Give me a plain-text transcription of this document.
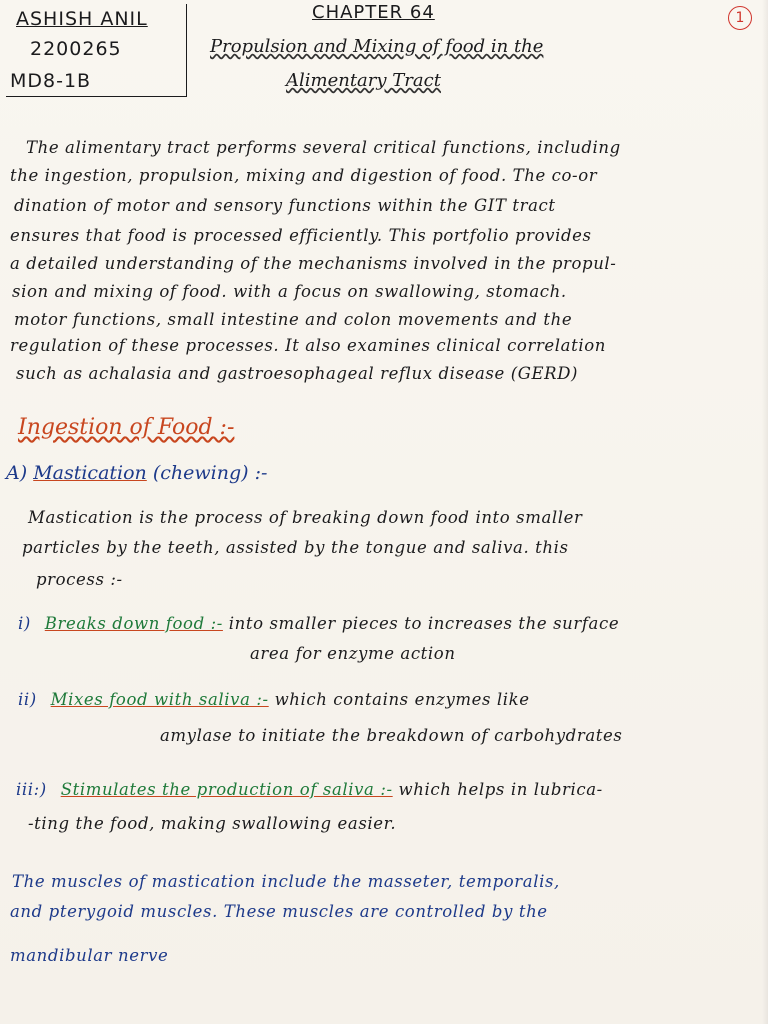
ASHISH ANIL
2200265
MD8-1B
CHAPTER 64
Propulsion and Mixing of food in the
Alimentary Tract
1
The alimentary tract performs several critical functions, including
the ingestion, propulsion, mixing and digestion of food. The co-or
dination of motor and sensory functions within the GIT tract
ensures that food is processed efficiently. This portfolio provides
a detailed understanding of the mechanisms involved in the propul-
sion and mixing of food. with a focus on swallowing, stomach.
motor functions, small intestine and colon movements and the
regulation of these processes. It also examines clinical correlation
such as achalasia and gastroesophageal reflux disease (GERD)
Ingestion of Food :-
A) Mastication (chewing) :-
Mastication is the process of breaking down food into smaller
particles by the teeth, assisted by the tongue and saliva. this
process :-
i) Breaks down food :- into smaller pieces to increases the surface
area for enzyme action
ii) Mixes food with saliva :- which contains enzymes like
amylase to initiate the breakdown of carbohydrates
iii:) Stimulates the production of saliva :- which helps in lubrica-
-ting the food, making swallowing easier.
The muscles of mastication include the masseter, temporalis,
and pterygoid muscles. These muscles are controlled by the
mandibular nerve
